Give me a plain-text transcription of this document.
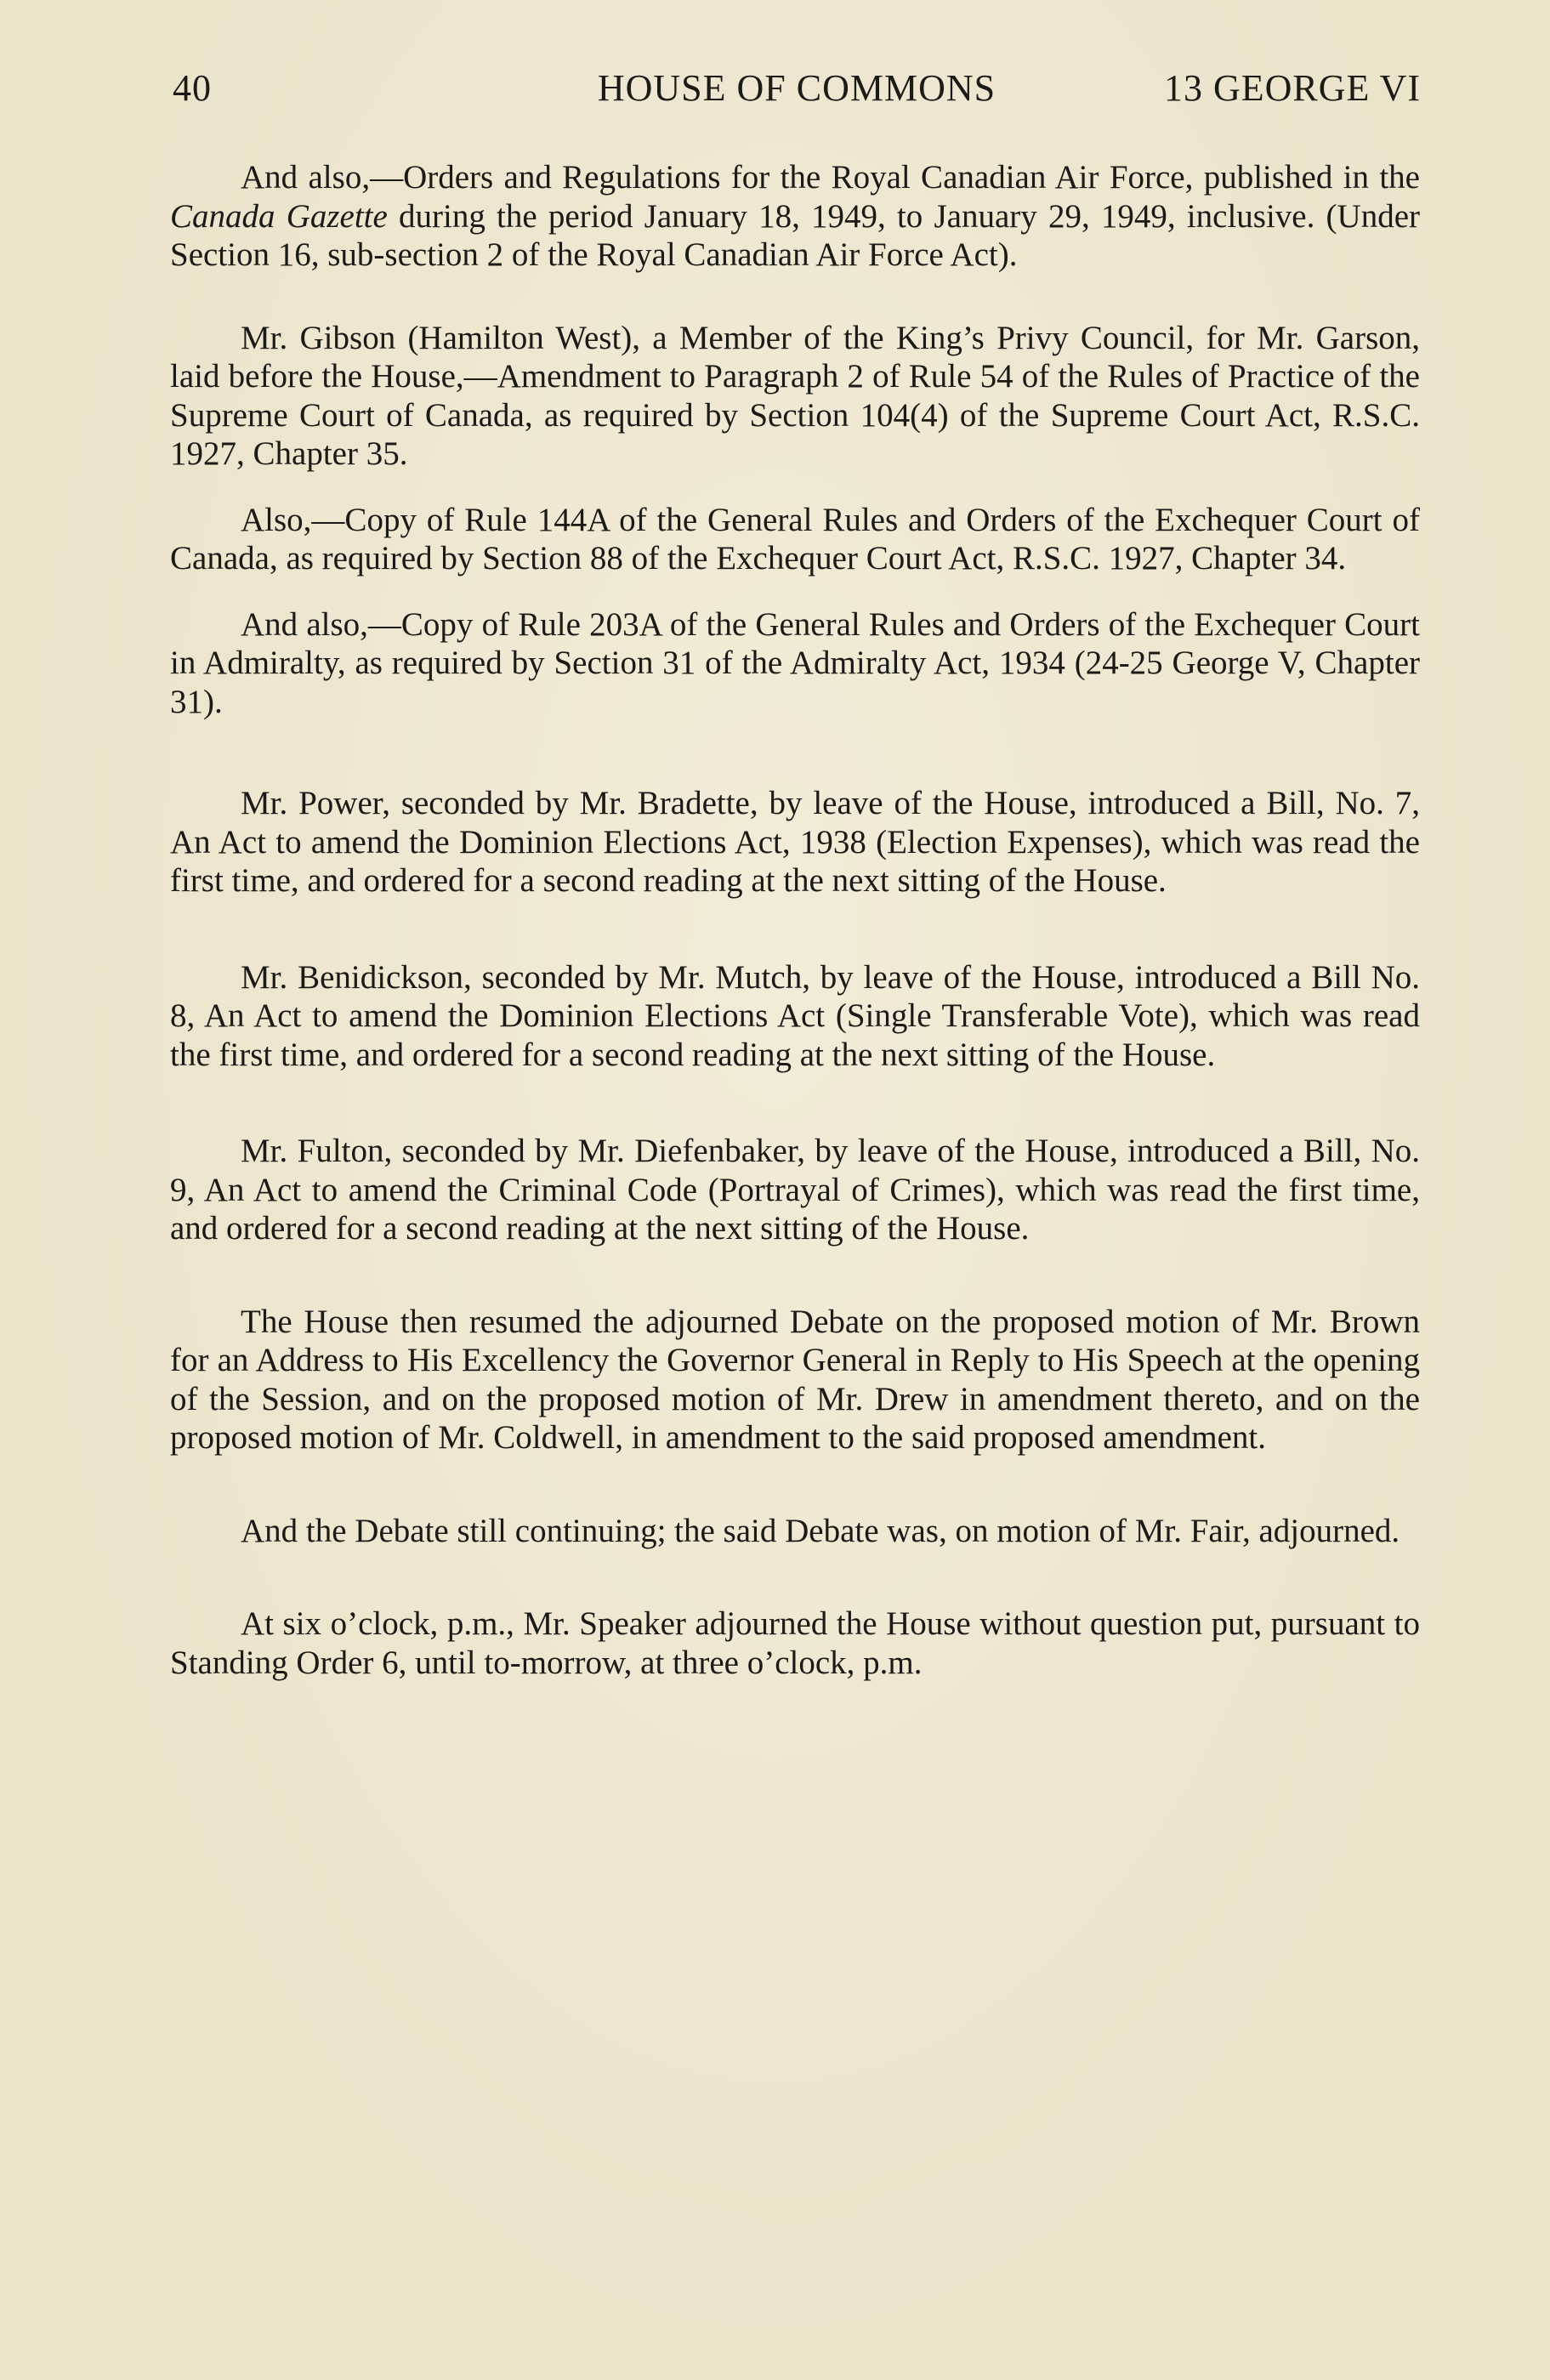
40	HOUSE OF COMMONS	13 GEORGE VI

And also,—Orders and Regulations for the Royal Canadian Air Force, published in the Canada Gazette during the period January 18, 1949, to January 29, 1949, inclusive. (Under Section 16, sub-section 2 of the Royal Canadian Air Force Act).

Mr. Gibson (Hamilton West), a Member of the King’s Privy Council, for Mr. Garson, laid before the House,—Amendment to Paragraph 2 of Rule 54 of the Rules of Practice of the Supreme Court of Canada, as required by Section 104(4) of the Supreme Court Act, R.S.C. 1927, Chapter 35.

Also,—Copy of Rule 144A of the General Rules and Orders of the Exchequer Court of Canada, as required by Section 88 of the Exchequer Court Act, R.S.C. 1927, Chapter 34.

And also,—Copy of Rule 203A of the General Rules and Orders of the Exchequer Court in Admiralty, as required by Section 31 of the Admiralty Act, 1934 (24-25 George V, Chapter 31).

Mr. Power, seconded by Mr. Bradette, by leave of the House, introduced a Bill, No. 7, An Act to amend the Dominion Elections Act, 1938 (Election Expenses), which was read the first time, and ordered for a second reading at the next sitting of the House.

Mr. Benidickson, seconded by Mr. Mutch, by leave of the House, introduced a Bill No. 8, An Act to amend the Dominion Elections Act (Single Transferable Vote), which was read the first time, and ordered for a second reading at the next sitting of the House.

Mr. Fulton, seconded by Mr. Diefenbaker, by leave of the House, introduced a Bill, No. 9, An Act to amend the Criminal Code (Portrayal of Crimes), which was read the first time, and ordered for a second reading at the next sitting of the House.

The House then resumed the adjourned Debate on the proposed motion of Mr. Brown for an Address to His Excellency the Governor General in Reply to His Speech at the opening of the Session, and on the proposed motion of Mr. Drew in amendment thereto, and on the proposed motion of Mr. Coldwell, in amendment to the said proposed amendment.

And the Debate still continuing; the said Debate was, on motion of Mr. Fair, adjourned.

At six o’clock, p.m., Mr. Speaker adjourned the House without question put, pursuant to Standing Order 6, until to-morrow, at three o’clock, p.m.
